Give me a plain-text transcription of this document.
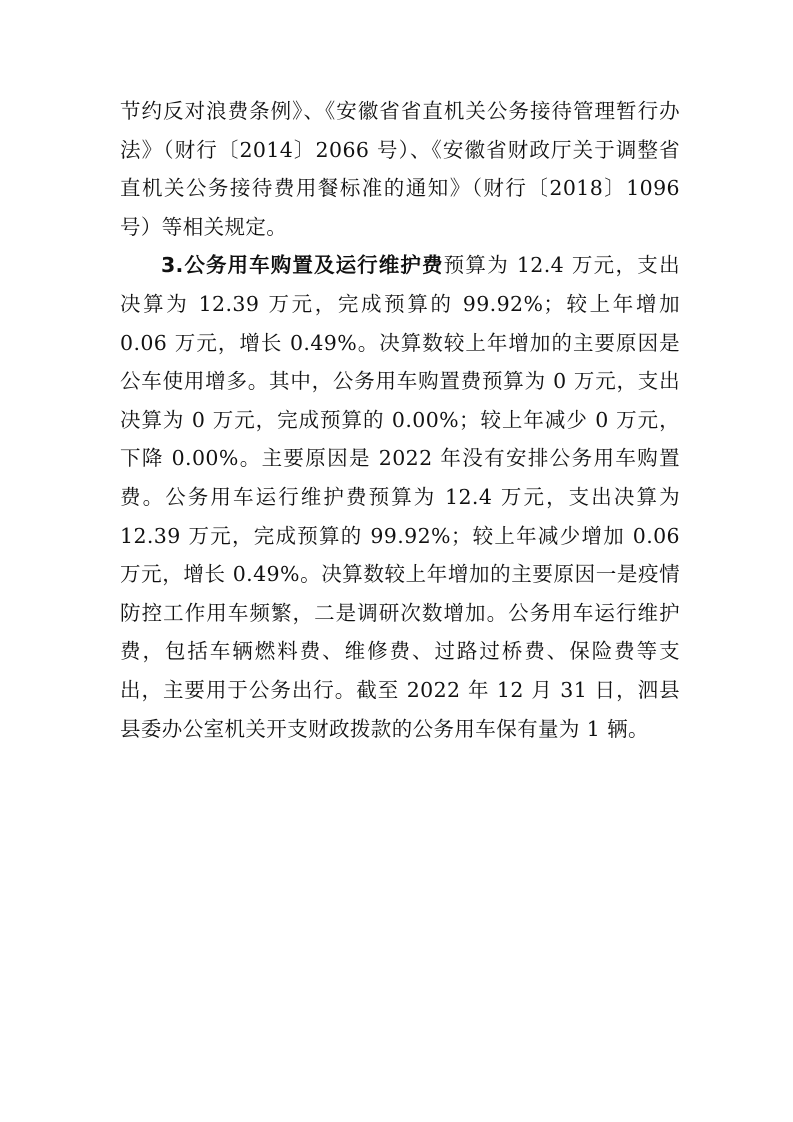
节约反对浪费条例》、《安徽省省直机关公务接待管理暂行办法》（财行〔2014〕2066 号）、《安徽省财政厅关于调整省直机关公务接待费用餐标准的通知》（财行〔2018〕1096 号）等相关规定。

3.公务用车购置及运行维护费预算为 12.4 万元，支出决算为 12.39 万元，完成预算的 99.92%；较上年增加 0.06 万元，增长 0.49%。决算数较上年增加的主要原因是公车使用增多。其中，公务用车购置费预算为 0 万元，支出决算为 0 万元，完成预算的 0.00%；较上年减少 0 万元，下降 0.00%。主要原因是 2022 年没有安排公务用车购置费。公务用车运行维护费预算为 12.4 万元，支出决算为 12.39 万元，完成预算的 99.92%；较上年减少增加 0.06 万元，增长 0.49%。决算数较上年增加的主要原因一是疫情防控工作用车频繁，二是调研次数增加。公务用车运行维护费，包括车辆燃料费、维修费、过路过桥费、保险费等支出，主要用于公务出行。截至 2022 年 12 月 31 日，泗县县委办公室机关开支财政拨款的公务用车保有量为 1 辆。
